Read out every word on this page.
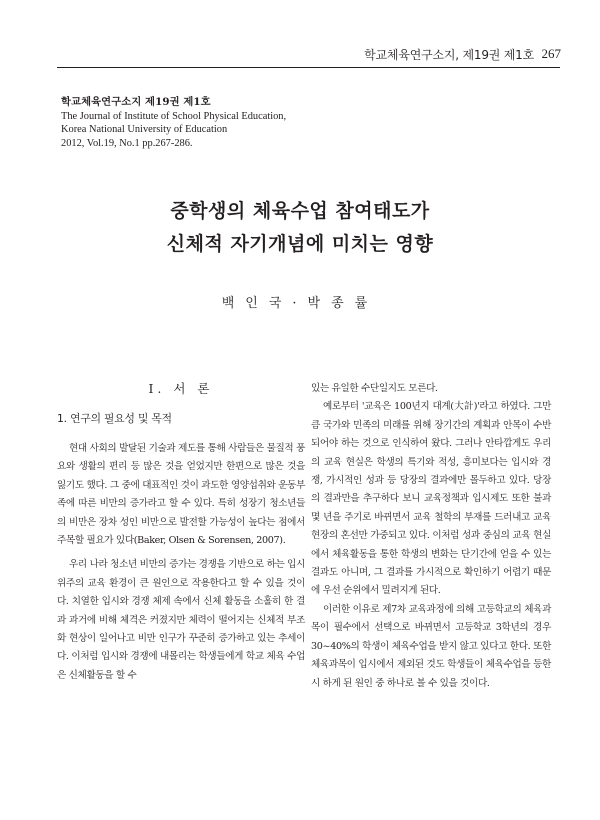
학교체육연구소지, 제19권 제1호 267
학교체육연구소지 제19권 제1호
The Journal of Institute of School Physical Education,
Korea National University of Education
2012, Vol.19, No.1 pp.267-286.
중학생의 체육수업 참여태도가
신체적 자기개념에 미치는 영향
백인국·박종률
Ⅰ. 서 론
1. 연구의 필요성 및 목적

현대 사회의 발달된 기술과 제도를 통해 사람들은 물질적 풍요와 생활의 편리 등 많은 것을 얻었지만 한편으로 많은 것을 잃기도 했다. 그 중에 대표적인 것이 과도한 영양섭취와 운동부족에 따른 비만의 증가라고 할 수 있다. 특히 성장기 청소년들의 비만은 장차 성인 비만으로 발전할 가능성이 높다는 점에서 주목할 필요가 있다(Baker, Olsen & Sorensen, 2007).

우리 나라 청소년 비만의 증가는 경쟁을 기반으로 하는 입시 위주의 교육 환경이 큰 원인으로 작용한다고 할 수 있을 것이다. 치열한 입시와 경쟁 체제 속에서 신체 활동을 소홀히 한 결과 과거에 비해 체격은 커졌지만 체력이 떨어지는 신체적 부조화 현상이 일어나고 비만 인구가 꾸준히 증가하고 있는 추세이다. 이처럼 입시와 경쟁에 내몰리는 학생들에게 학교 체육 수업은 신체활동을 할 수

있는 유일한 수단일지도 모른다.

예로부터 '교육은 100년지 대계(大計)'라고 하였다. 그만큼 국가와 민족의 미래를 위해 장기간의 계획과 안목이 수반되어야 하는 것으로 인식하여 왔다. 그러나 안타깝게도 우리의 교육 현실은 학생의 특기와 적성, 흥미보다는 입시와 경쟁, 가시적인 성과 등 당장의 결과에만 몰두하고 있다. 당장의 결과만을 추구하다 보니 교육정책과 입시제도 또한 불과 몇 년을 주기로 바뀌면서 교육 철학의 부재를 드러내고 교육 현장의 혼선만 가중되고 있다. 이처럼 성과 중심의 교육 현실에서 체육활동을 통한 학생의 변화는 단기간에 얻을 수 있는 결과도 아니며, 그 결과를 가시적으로 확인하기 어렵기 때문에 우선 순위에서 밀려지게 된다.

이러한 이유로 제7차 교육과정에 의해 고등학교의 체육과목이 필수에서 선택으로 바뀌면서 고등학교 3학년의 경우 30~40%의 학생이 체육수업을 받지 않고 있다고 한다. 또한 체육과목이 입시에서 제외된 것도 학생들이 체육수업을 등한시 하게 된 원인 중 하나로 볼 수 있을 것이다.
